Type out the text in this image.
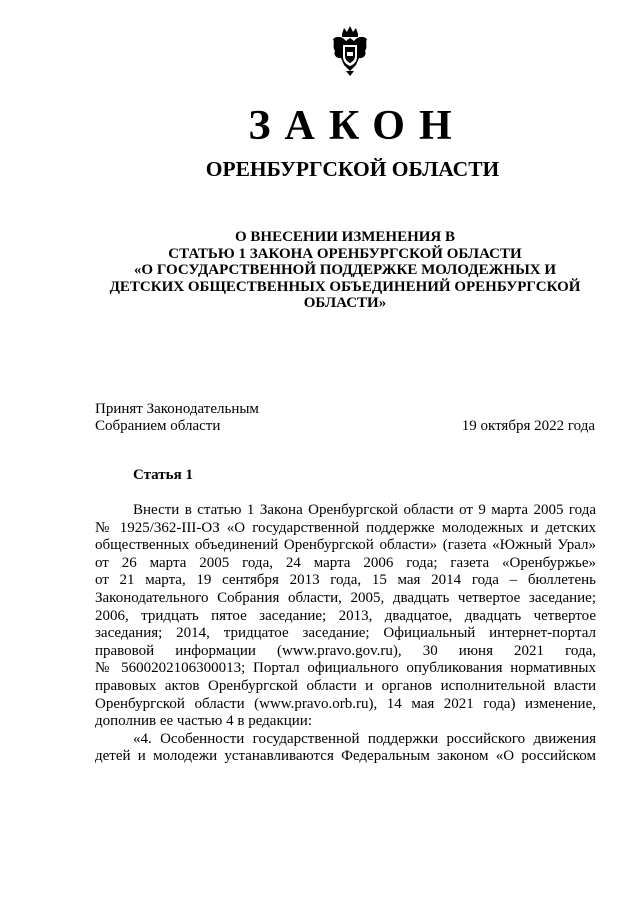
ЗАКОН
ОРЕНБУРГСКОЙ ОБЛАСТИ
О ВНЕСЕНИИ ИЗМЕНЕНИЯ В
СТАТЬЮ 1 ЗАКОНА ОРЕНБУРГСКОЙ ОБЛАСТИ
«О ГОСУДАРСТВЕННОЙ ПОДДЕРЖКЕ МОЛОДЕЖНЫХ И
ДЕТСКИХ ОБЩЕСТВЕННЫХ ОБЪЕДИНЕНИЙ ОРЕНБУРГСКОЙ
ОБЛАСТИ»
Принят Законодательным
Собранием области	19 октября 2022 года
Статья 1
Внести в статью 1 Закона Оренбургской области от 9 марта 2005 года
№ 1925/362-III-ОЗ «О государственной поддержке молодежных и детских
общественных объединений Оренбургской области» (газета «Южный Урал»
от 26 марта 2005 года, 24 марта 2006 года; газета «Оренбуржье»
от 21 марта, 19 сентября 2013 года, 15 мая 2014 года – бюллетень
Законодательного Собрания области, 2005, двадцать четвертое заседание;
2006, тридцать пятое заседание; 2013, двадцатое, двадцать четвертое
заседания; 2014, тридцатое заседание; Официальный интернет-портал
правовой информации (www.pravo.gov.ru), 30 июня 2021 года,
№ 5600202106300013; Портал официального опубликования нормативных
правовых актов Оренбургской области и органов исполнительной власти
Оренбургской области (www.pravo.orb.ru), 14 мая 2021 года) изменение,
дополнив ее частью 4 в редакции:
«4. Особенности государственной поддержки российского движения
детей и молодежи устанавливаются Федеральным законом «О российском
